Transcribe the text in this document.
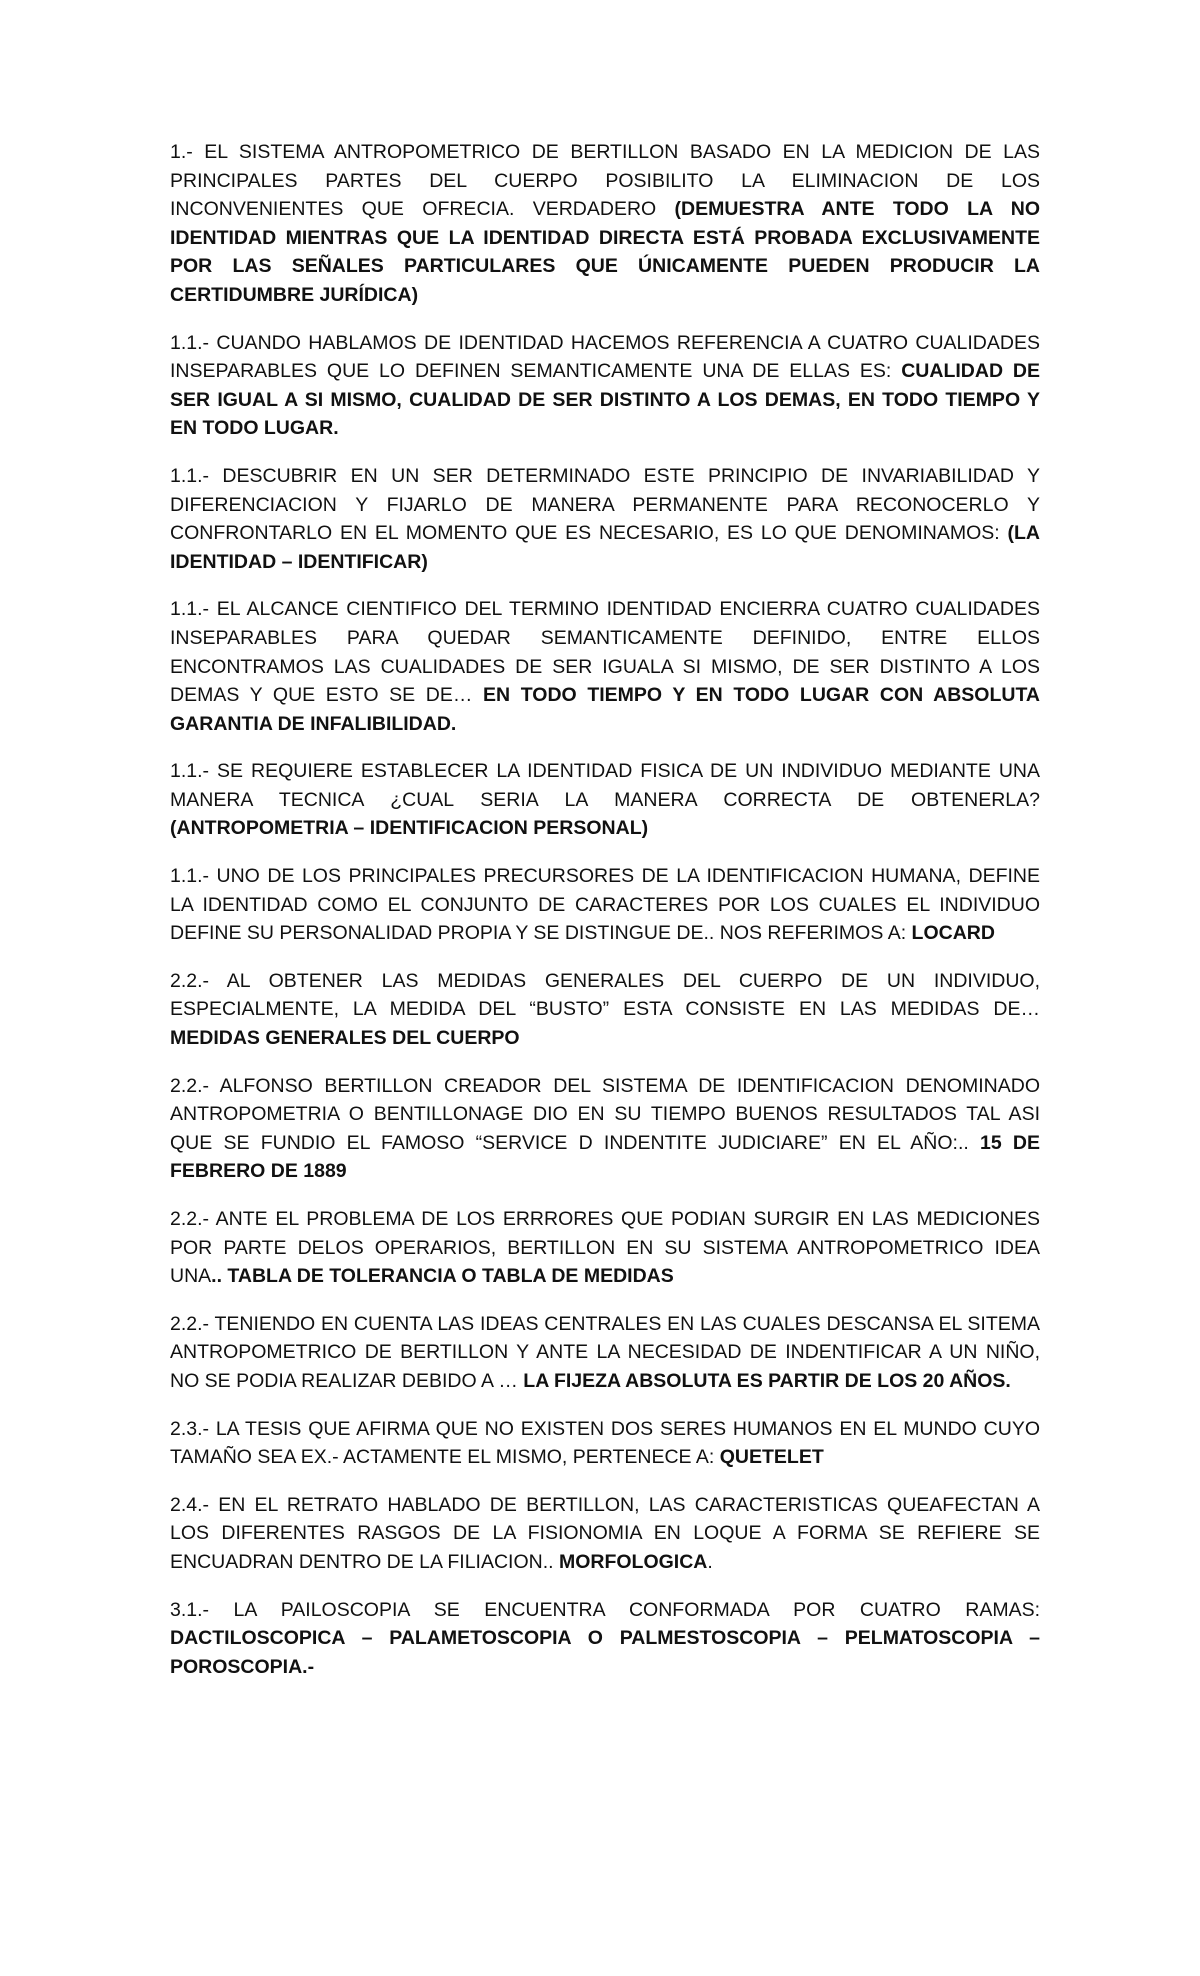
1.- EL SISTEMA ANTROPOMETRICO DE BERTILLON BASADO EN LA MEDICION DE LAS PRINCIPALES PARTES DEL CUERPO POSIBILITO LA ELIMINACION DE LOS INCONVENIENTES QUE OFRECIA. VERDADERO (DEMUESTRA ANTE TODO LA NO IDENTIDAD MIENTRAS QUE LA IDENTIDAD DIRECTA ESTÁ PROBADA EXCLUSIVAMENTE POR LAS SEÑALES PARTICULARES QUE ÚNICAMENTE PUEDEN PRODUCIR LA CERTIDUMBRE JURÍDICA)

1.1.- CUANDO HABLAMOS DE IDENTIDAD HACEMOS REFERENCIA A CUATRO CUALIDADES INSEPARABLES QUE LO DEFINEN SEMANTICAMENTE UNA DE ELLAS ES: CUALIDAD DE SER IGUAL A SI MISMO, CUALIDAD DE SER DISTINTO A LOS DEMAS, EN TODO TIEMPO Y EN TODO LUGAR.

1.1.- DESCUBRIR EN UN SER DETERMINADO ESTE PRINCIPIO DE INVARIABILIDAD Y DIFERENCIACION Y FIJARLO DE MANERA PERMANENTE PARA RECONOCERLO Y CONFRONTARLO EN EL MOMENTO QUE ES NECESARIO, ES LO QUE DENOMINAMOS: (LA IDENTIDAD – IDENTIFICAR)

1.1.- EL ALCANCE CIENTIFICO DEL TERMINO IDENTIDAD ENCIERRA CUATRO CUALIDADES INSEPARABLES PARA QUEDAR SEMANTICAMENTE DEFINIDO, ENTRE ELLOS ENCONTRAMOS LAS CUALIDADES DE SER IGUALA SI MISMO, DE SER DISTINTO A LOS DEMAS Y QUE ESTO SE DE… EN TODO TIEMPO Y EN TODO LUGAR CON ABSOLUTA GARANTIA DE INFALIBILIDAD.

1.1.- SE REQUIERE ESTABLECER LA IDENTIDAD FISICA DE UN INDIVIDUO MEDIANTE UNA MANERA TECNICA ¿CUAL SERIA LA MANERA CORRECTA DE OBTENERLA? (ANTROPOMETRIA – IDENTIFICACION PERSONAL)

1.1.- UNO DE LOS PRINCIPALES PRECURSORES DE LA IDENTIFICACION HUMANA, DEFINE LA IDENTIDAD COMO EL CONJUNTO DE CARACTERES POR LOS CUALES EL INDIVIDUO DEFINE SU PERSONALIDAD PROPIA Y SE DISTINGUE DE.. NOS REFERIMOS A: LOCARD

2.2.- AL OBTENER LAS MEDIDAS GENERALES DEL CUERPO DE UN INDIVIDUO, ESPECIALMENTE, LA MEDIDA DEL “BUSTO” ESTA CONSISTE EN LAS MEDIDAS DE… MEDIDAS GENERALES DEL CUERPO

2.2.- ALFONSO BERTILLON CREADOR DEL SISTEMA DE IDENTIFICACION DENOMINADO ANTROPOMETRIA O BENTILLONAGE DIO EN SU TIEMPO BUENOS RESULTADOS TAL ASI QUE SE FUNDIO EL FAMOSO “SERVICE D INDENTITE JUDICIARE” EN EL AÑO:.. 15 DE FEBRERO DE 1889

2.2.- ANTE EL PROBLEMA DE LOS ERRRORES QUE PODIAN SURGIR EN LAS MEDICIONES POR PARTE DELOS OPERARIOS, BERTILLON EN SU SISTEMA ANTROPOMETRICO IDEA UNA.. TABLA DE TOLERANCIA O TABLA DE MEDIDAS

2.2.- TENIENDO EN CUENTA LAS IDEAS CENTRALES EN LAS CUALES DESCANSA EL SITEMA ANTROPOMETRICO DE BERTILLON Y ANTE LA NECESIDAD DE INDENTIFICAR A UN NIÑO, NO SE PODIA REALIZAR DEBIDO A … LA FIJEZA ABSOLUTA ES PARTIR DE LOS 20 AÑOS.

2.3.- LA TESIS QUE AFIRMA QUE NO EXISTEN DOS SERES HUMANOS EN EL MUNDO CUYO TAMAÑO SEA EX.- ACTAMENTE EL MISMO, PERTENECE A: QUETELET

2.4.- EN EL RETRATO HABLADO DE BERTILLON, LAS CARACTERISTICAS QUEAFECTAN A LOS DIFERENTES RASGOS DE LA FISIONOMIA EN LOQUE A FORMA SE REFIERE SE ENCUADRAN DENTRO DE LA FILIACION.. MORFOLOGICA.

3.1.- LA PAILOSCOPIA SE ENCUENTRA CONFORMADA POR CUATRO RAMAS: DACTILOSCOPICA – PALAMETOSCOPIA O PALMESTOSCOPIA – PELMATOSCOPIA – POROSCOPIA.-
